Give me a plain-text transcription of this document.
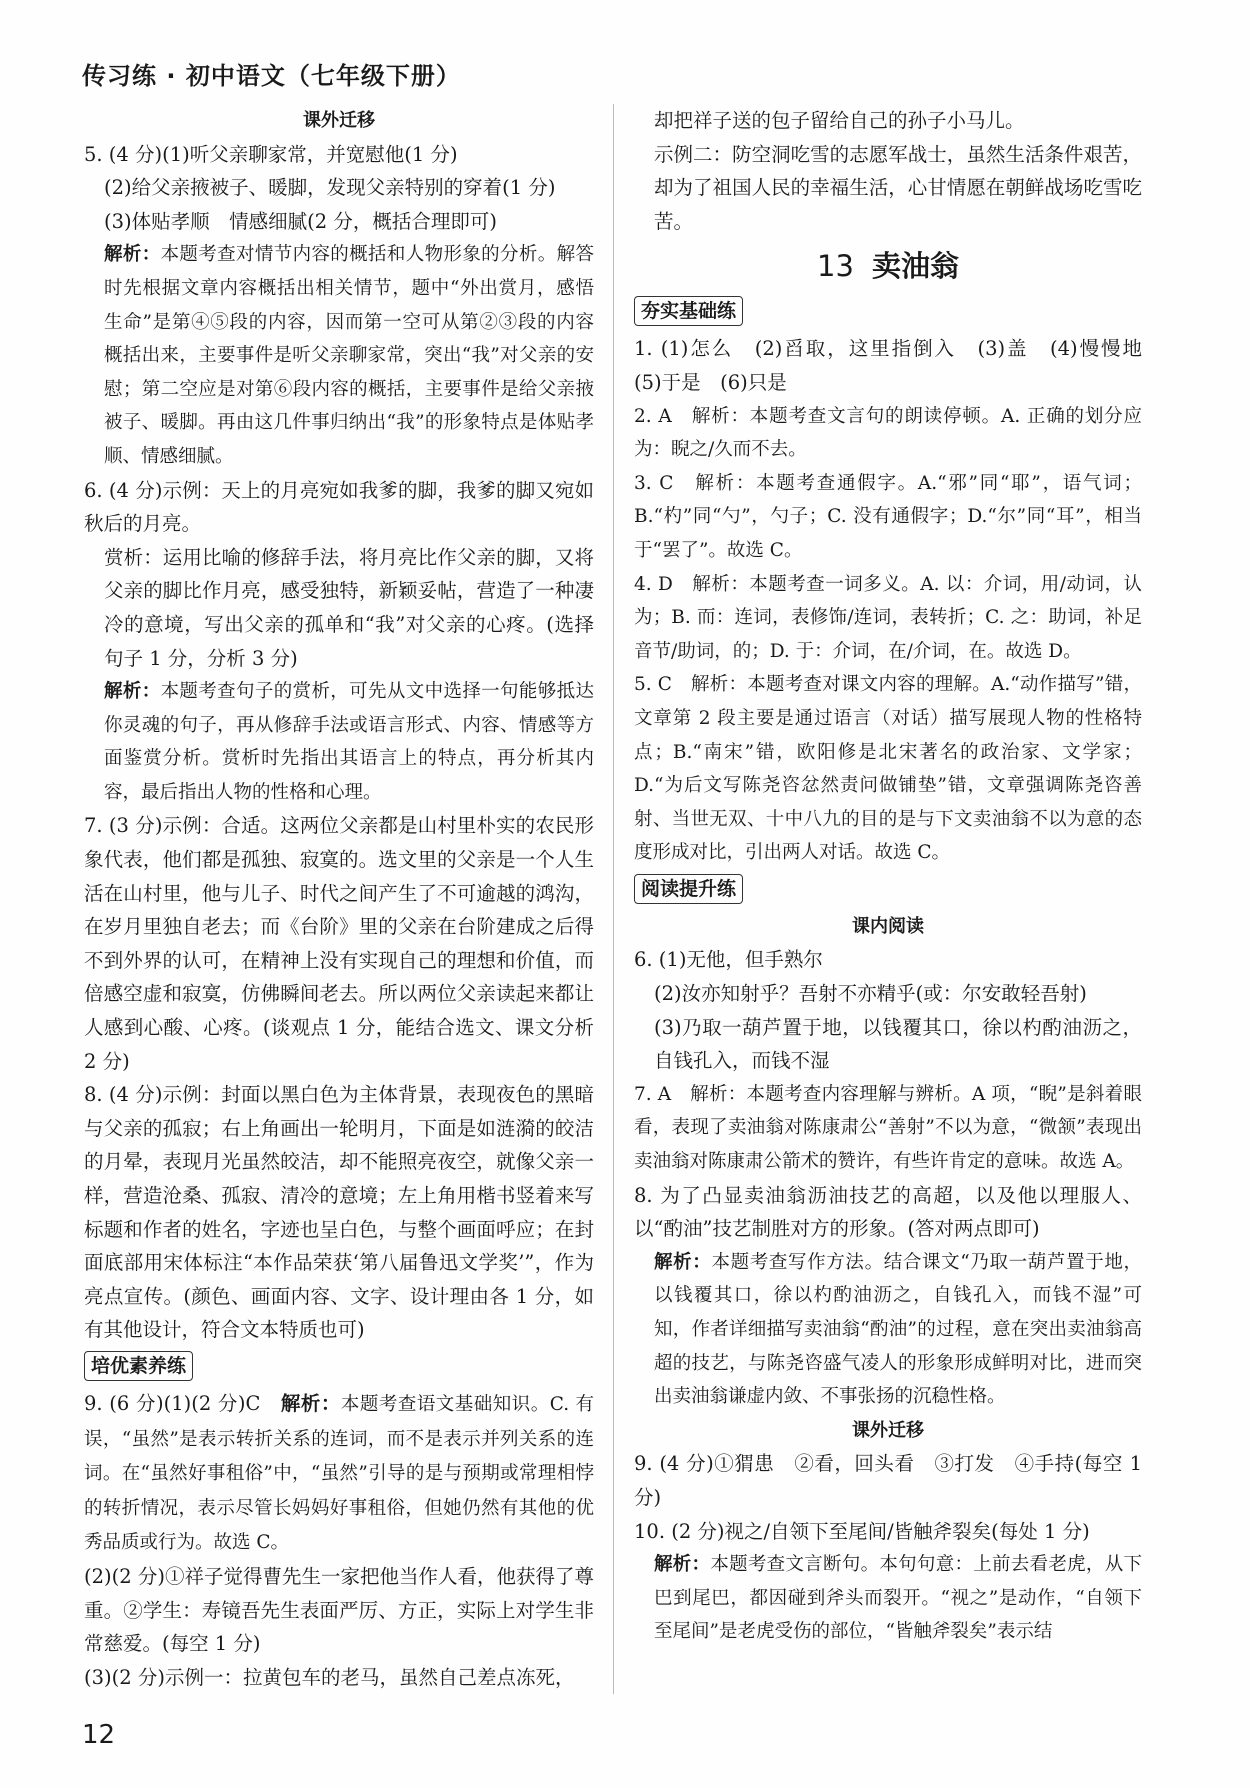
传习练 · 初中语文（七年级下册）

课外迁移

5. (4 分)(1)听父亲聊家常，并宽慰他(1 分)

(2)给父亲掖被子、暖脚，发现父亲特别的穿着(1 分)

(3)体贴孝顺　情感细腻(2 分，概括合理即可)

解析：本题考查对情节内容的概括和人物形象的分析。解答时先根据文章内容概括出相关情节，题中“外出赏月，感悟生命”是第④⑤段的内容，因而第一空可从第②③段的内容概括出来，主要事件是听父亲聊家常，突出“我”对父亲的安慰；第二空应是对第⑥段内容的概括，主要事件是给父亲掖被子、暖脚。再由这几件事归纳出“我”的形象特点是体贴孝顺、情感细腻。

6. (4 分)示例：天上的月亮宛如我爹的脚，我爹的脚又宛如秋后的月亮。

赏析：运用比喻的修辞手法，将月亮比作父亲的脚，又将父亲的脚比作月亮，感受独特，新颖妥帖，营造了一种凄冷的意境，写出父亲的孤单和“我”对父亲的心疼。(选择句子 1 分，分析 3 分)

解析：本题考查句子的赏析，可先从文中选择一句能够抵达你灵魂的句子，再从修辞手法或语言形式、内容、情感等方面鉴赏分析。赏析时先指出其语言上的特点，再分析其内容，最后指出人物的性格和心理。

7. (3 分)示例：合适。这两位父亲都是山村里朴实的农民形象代表，他们都是孤独、寂寞的。选文里的父亲是一个人生活在山村里，他与儿子、时代之间产生了不可逾越的鸿沟，在岁月里独自老去；而《台阶》里的父亲在台阶建成之后得不到外界的认可，在精神上没有实现自己的理想和价值，而倍感空虚和寂寞，仿佛瞬间老去。所以两位父亲读起来都让人感到心酸、心疼。(谈观点 1 分，能结合选文、课文分析 2 分)

8. (4 分)示例：封面以黑白色为主体背景，表现夜色的黑暗与父亲的孤寂；右上角画出一轮明月，下面是如涟漪的皎洁的月晕，表现月光虽然皎洁，却不能照亮夜空，就像父亲一样，营造沧桑、孤寂、清冷的意境；左上角用楷书竖着来写标题和作者的姓名，字迹也呈白色，与整个画面呼应；在封面底部用宋体标注“本作品荣获‘第八届鲁迅文学奖’”，作为亮点宣传。(颜色、画面内容、文字、设计理由各 1 分，如有其他设计，符合文本特质也可)

培优素养练

9. (6 分)(1)(2 分)C　解析：本题考查语文基础知识。C. 有误，“虽然”是表示转折关系的连词，而不是表示并列关系的连词。在“虽然好事租俗”中，“虽然”引导的是与预期或常理相悖的转折情况，表示尽管长妈妈好事租俗，但她仍然有其他的优秀品质或行为。故选 C。

(2)(2 分)①祥子觉得曹先生一家把他当作人看，他获得了尊重。②学生：寿镜吾先生表面严厉、方正，实际上对学生非常慈爱。(每空 1 分)

(3)(2 分)示例一：拉黄包车的老马，虽然自己差点冻死，

却把祥子送的包子留给自己的孙子小马儿。

示例二：防空洞吃雪的志愿军战士，虽然生活条件艰苦，却为了祖国人民的幸福生活，心甘情愿在朝鲜战场吃雪吃苦。

13 卖油翁
夯实基础练

1. (1)怎么　(2)舀取，这里指倒入　(3)盖　(4)慢慢地　(5)于是　(6)只是

2. A　解析：本题考查文言句的朗读停顿。A. 正确的划分应为：睨之/久而不去。

3. C　解析：本题考查通假字。A.“邪”同“耶”，语气词；B.“杓”同“勺”，勺子；C. 没有通假字；D.“尔”同“耳”，相当于“罢了”。故选 C。

4. D　解析：本题考查一词多义。A. 以：介词，用/动词，认为；B. 而：连词，表修饰/连词，表转折；C. 之：助词，补足音节/助词，的；D. 于：介词，在/介词，在。故选 D。

5. C　解析：本题考查对课文内容的理解。A.“动作描写”错，文章第 2 段主要是通过语言（对话）描写展现人物的性格特点；B.“南宋”错，欧阳修是北宋著名的政治家、文学家；D.“为后文写陈尧咨忿然责问做铺垫”错，文章强调陈尧咨善射、当世无双、十中八九的目的是与下文卖油翁不以为意的态度形成对比，引出两人对话。故选 C。

阅读提升练

课内阅读

6. (1)无他，但手熟尔

(2)汝亦知射乎？吾射不亦精乎(或：尔安敢轻吾射)

(3)乃取一葫芦置于地，以钱覆其口，徐以杓酌油沥之，自钱孔入，而钱不湿

7. A　解析：本题考查内容理解与辨析。A 项，“睨”是斜着眼看，表现了卖油翁对陈康肃公“善射”不以为意，“微颔”表现出卖油翁对陈康肃公箭术的赞许，有些许肯定的意味。故选 A。

8. 为了凸显卖油翁沥油技艺的高超，以及他以理服人、以“酌油”技艺制胜对方的形象。(答对两点即可)

解析：本题考查写作方法。结合课文“乃取一葫芦置于地，以钱覆其口，徐以杓酌油沥之，自钱孔入，而钱不湿”可知，作者详细描写卖油翁“酌油”的过程，意在突出卖油翁高超的技艺，与陈尧咨盛气凌人的形象形成鲜明对比，进而突出卖油翁谦虚内敛、不事张扬的沉稳性格。

课外迁移

9. (4 分)①猬患　②看，回头看　③打发　④手持(每空 1 分)

10. (2 分)视之/自领下至尾间/皆触斧裂矣(每处 1 分)

解析：本题考查文言断句。本句句意：上前去看老虎，从下巴到尾巴，都因碰到斧头而裂开。“视之”是动作，“自领下至尾间”是老虎受伤的部位，“皆触斧裂矣”表示结

12
